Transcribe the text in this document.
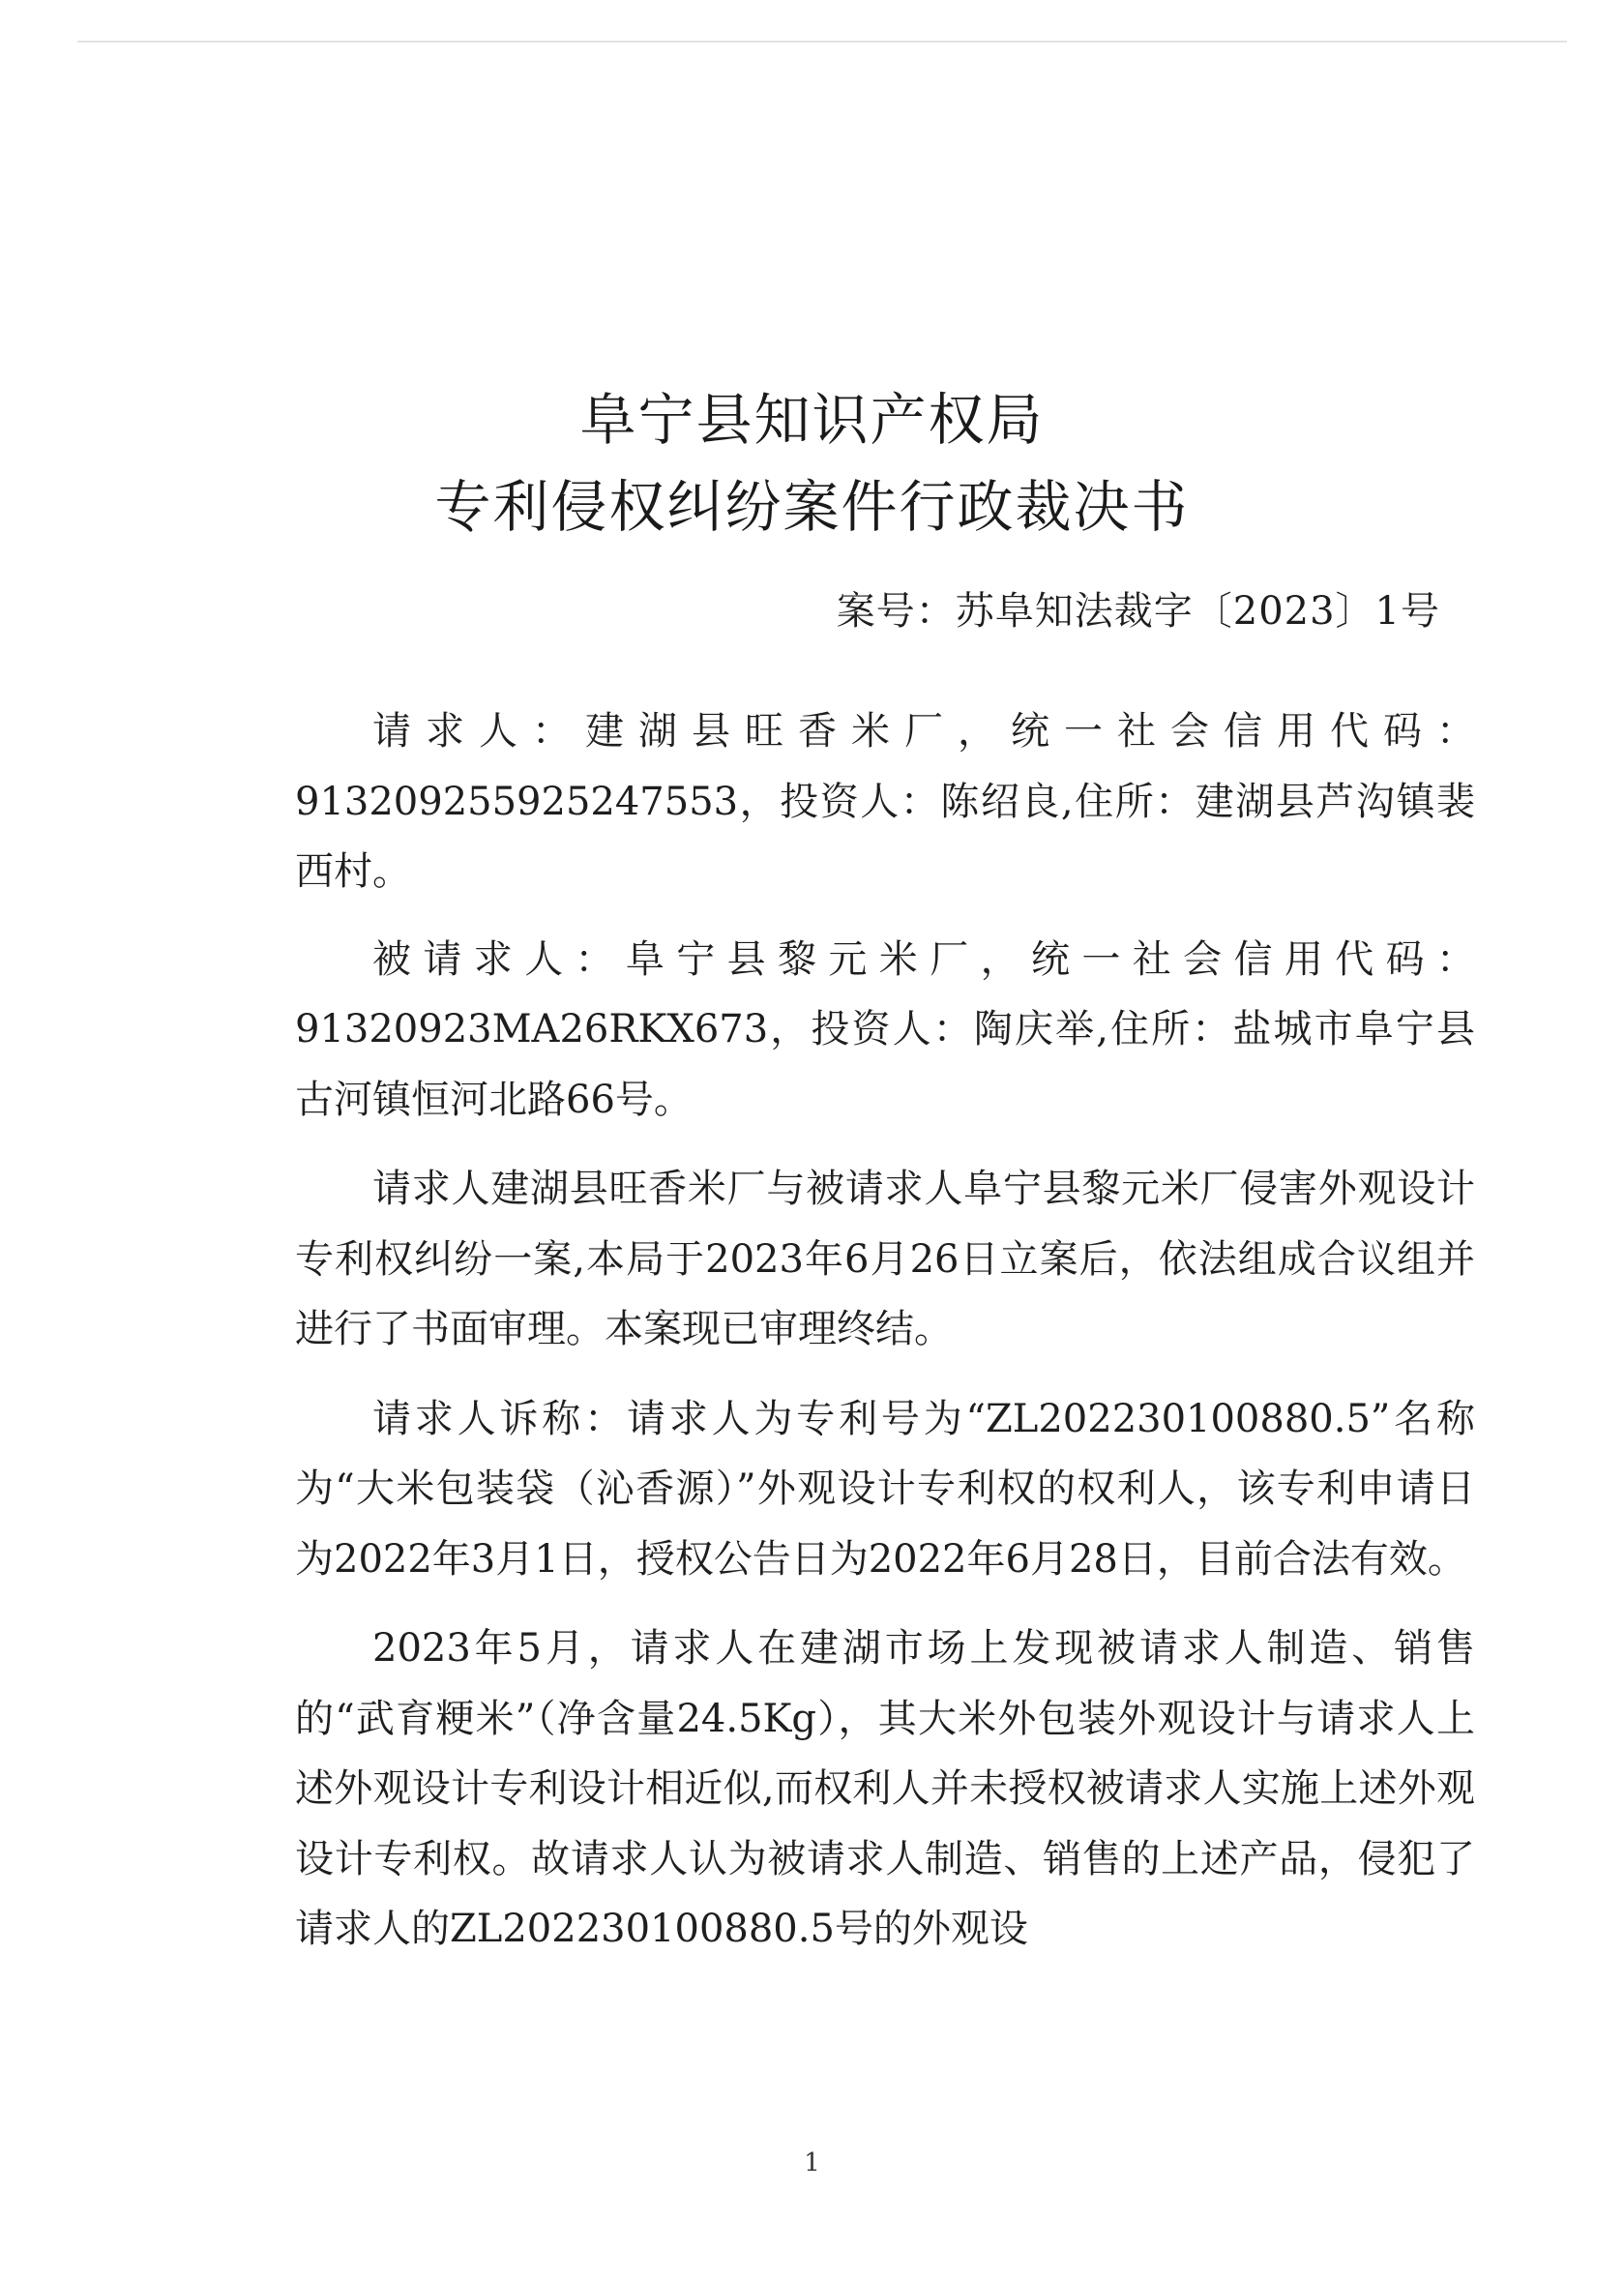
阜宁县知识产权局
专利侵权纠纷案件行政裁决书
案号：苏阜知法裁字〔2023〕1号

请求人：建湖县旺香米厂，统一社会信用代码：913209255925247553，投资人：陈绍良,住所：建湖县芦沟镇裴西村。

被请求人：阜宁县黎元米厂，统一社会信用代码：91320923MA26RKX673，投资人：陶庆举,住所：盐城市阜宁县古河镇恒河北路66号。

请求人建湖县旺香米厂与被请求人阜宁县黎元米厂侵害外观设计专利权纠纷一案,本局于2023年6月26日立案后，依法组成合议组并进行了书面审理。本案现已审理终结。

请求人诉称：请求人为专利号为“ZL202230100880.5”名称为“大米包装袋（沁香源）”外观设计专利权的权利人，该专利申请日为2022年3月1日，授权公告日为2022年6月28日，目前合法有效。

2023年5月，请求人在建湖市场上发现被请求人制造、销售的“武育粳米”（净含量24.5Kg），其大米外包装外观设计与请求人上述外观设计专利设计相近似,而权利人并未授权被请求人实施上述外观设计专利权。故请求人认为被请求人制造、销售的上述产品，侵犯了请求人的ZL202230100880.5号的外观设

1
